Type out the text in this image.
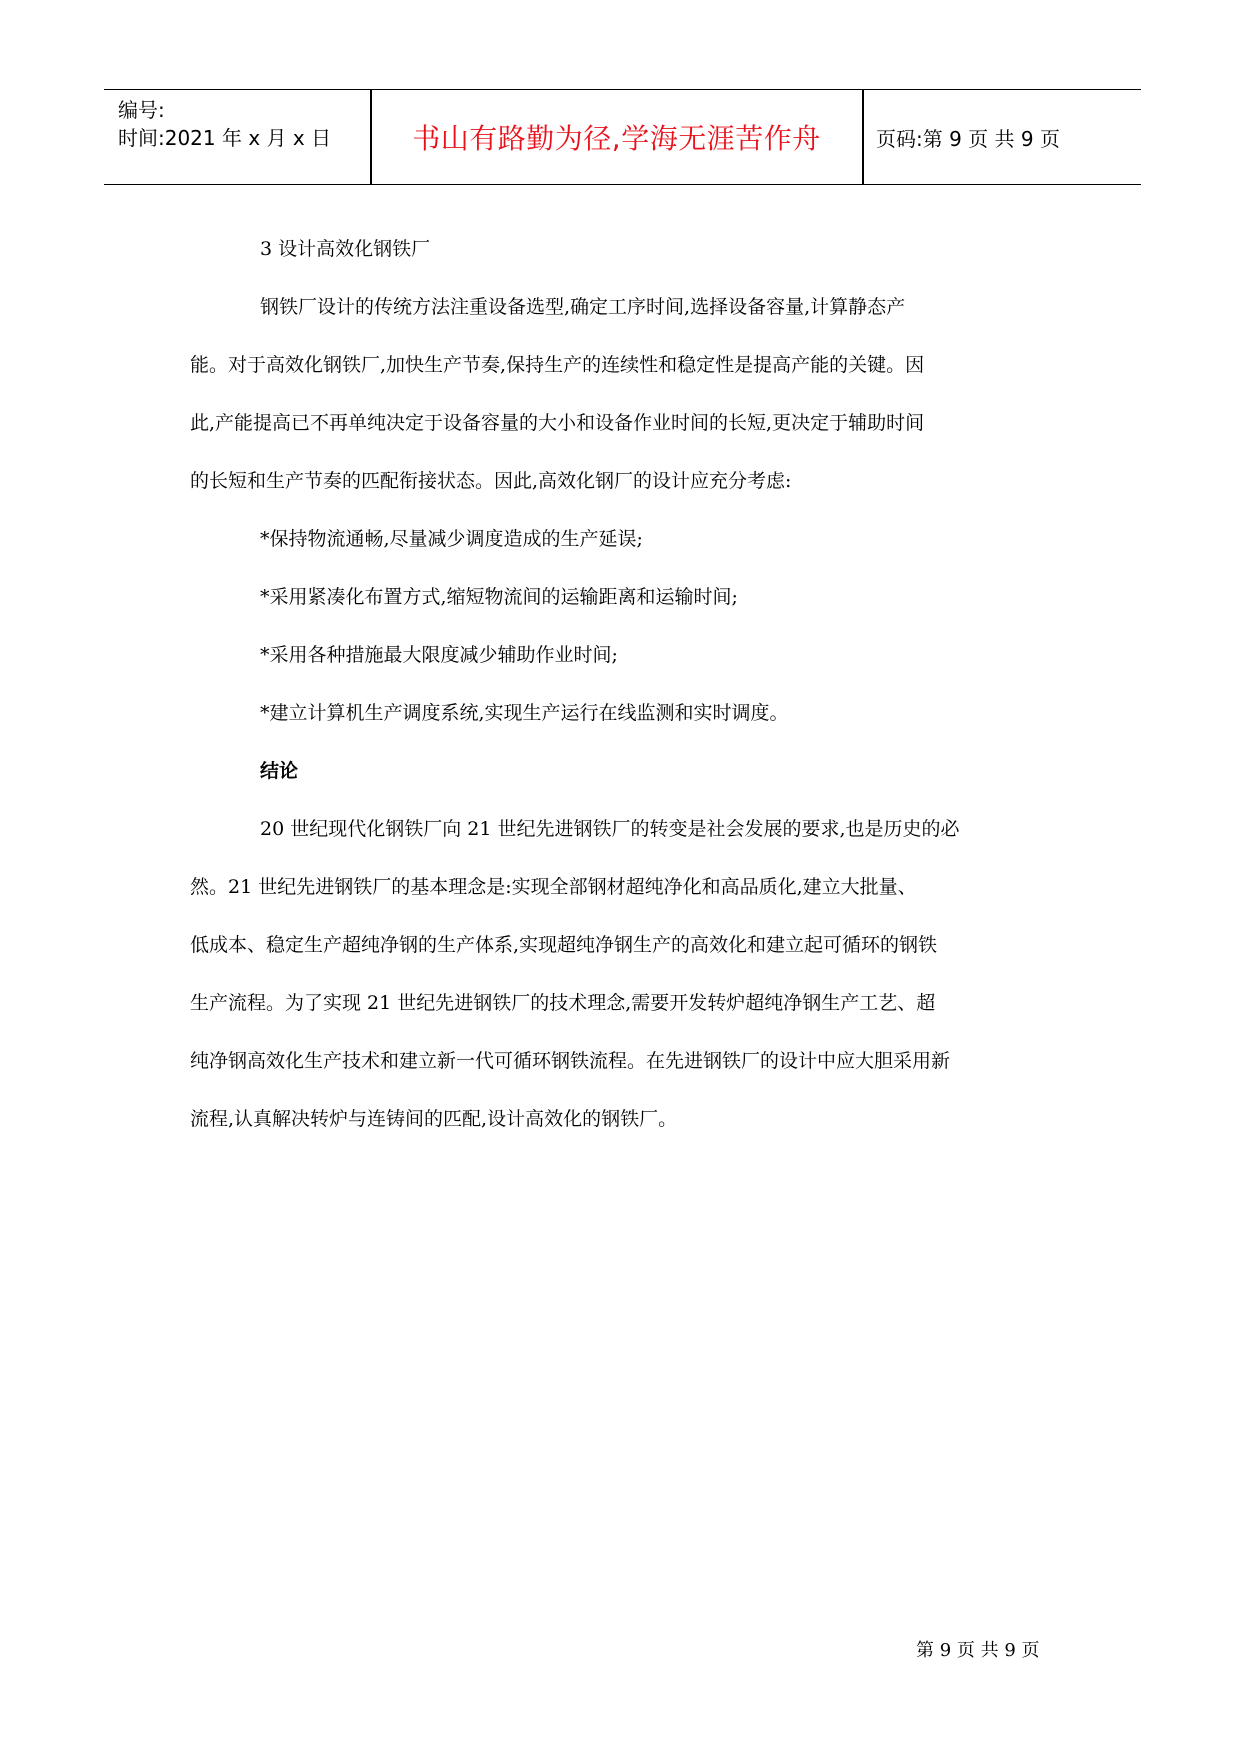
编号:
时间:2021 年 x 月 x 日	书山有路勤为径,学海无涯苦作舟	页码:第 9 页 共 9 页
3 设计高效化钢铁厂
钢铁厂设计的传统方法注重设备选型,确定工序时间,选择设备容量,计算静态产
能。对于高效化钢铁厂,加快生产节奏,保持生产的连续性和稳定性是提高产能的关键。因
此,产能提高已不再单纯决定于设备容量的大小和设备作业时间的长短,更决定于辅助时间
的长短和生产节奏的匹配衔接状态。因此,高效化钢厂的设计应充分考虑:
*保持物流通畅,尽量减少调度造成的生产延误;
*采用紧凑化布置方式,缩短物流间的运输距离和运输时间;
*采用各种措施最大限度减少辅助作业时间;
*建立计算机生产调度系统,实现生产运行在线监测和实时调度。
结论
20 世纪现代化钢铁厂向 21 世纪先进钢铁厂的转变是社会发展的要求,也是历史的必
然。21 世纪先进钢铁厂的基本理念是:实现全部钢材超纯净化和高品质化,建立大批量、
低成本、稳定生产超纯净钢的生产体系,实现超纯净钢生产的高效化和建立起可循环的钢铁
生产流程。为了实现 21 世纪先进钢铁厂的技术理念,需要开发转炉超纯净钢生产工艺、超
纯净钢高效化生产技术和建立新一代可循环钢铁流程。在先进钢铁厂的设计中应大胆采用新
流程,认真解决转炉与连铸间的匹配,设计高效化的钢铁厂。
第 9 页 共 9 页
